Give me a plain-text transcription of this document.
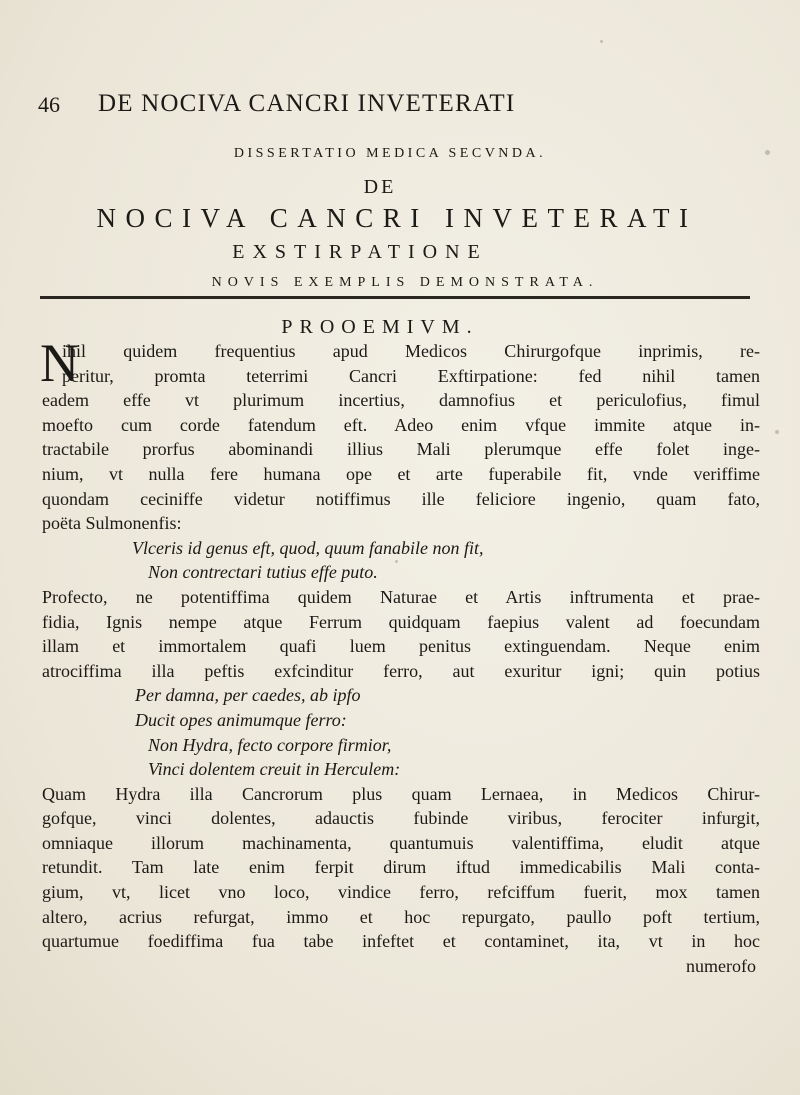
46 DE NOCIVA CANCRI INVETERATI
DISSERTATIO MEDICA SECVNDA.
DE
NOCIVA CANCRI INVETERATI
EXSTIRPATIONE
NOVIS EXEMPLIS DEMONSTRATA.
PROOEMIVM.
N
ihil quidem frequentius apud Medicos Chirurgofque inprimis, re-
peritur, promta teterrimi Cancri Exftirpatione: fed nihil tamen
eadem effe vt plurimum incertius, damnofius et periculofius, fimul
moefto cum corde fatendum eft. Adeo enim vfque immite atque in-
tractabile prorfus abominandi illius Mali plerumque effe folet inge-
nium, vt nulla fere humana ope et arte fuperabile fit, vnde veriffime
quondam ceciniffe videtur notiffimus ille feliciore ingenio, quam fato,
poëta Sulmonenfis:
Vlceris id genus eft, quod, quum fanabile non fit,
Non contrectari tutius effe puto.
Profecto, ne potentiffima quidem Naturae et Artis inftrumenta et prae-
fidia, Ignis nempe atque Ferrum quidquam faepius valent ad foecundam
illam et immortalem quafi luem penitus extinguendam. Neque enim
atrociffima illa peftis exfcinditur ferro, aut exuritur igni; quin potius
Per damna, per caedes, ab ipfo
Ducit opes animumque ferro:
Non Hydra, fecto corpore firmior,
Vinci dolentem creuit in Herculem:
Quam Hydra illa Cancrorum plus quam Lernaea, in Medicos Chirur-
gofque, vinci dolentes, adauctis fubinde viribus, ferociter infurgit,
omniaque illorum machinamenta, quantumuis valentiffima, eludit atque
retundit. Tam late enim ferpit dirum iftud immedicabilis Mali conta-
gium, vt, licet vno loco, vindice ferro, refciffum fuerit, mox tamen
altero, acrius refurgat, immo et hoc repurgato, paullo poft tertium,
quartumue foediffima fua tabe infeftet et contaminet, ita, vt in hoc
numerofo
